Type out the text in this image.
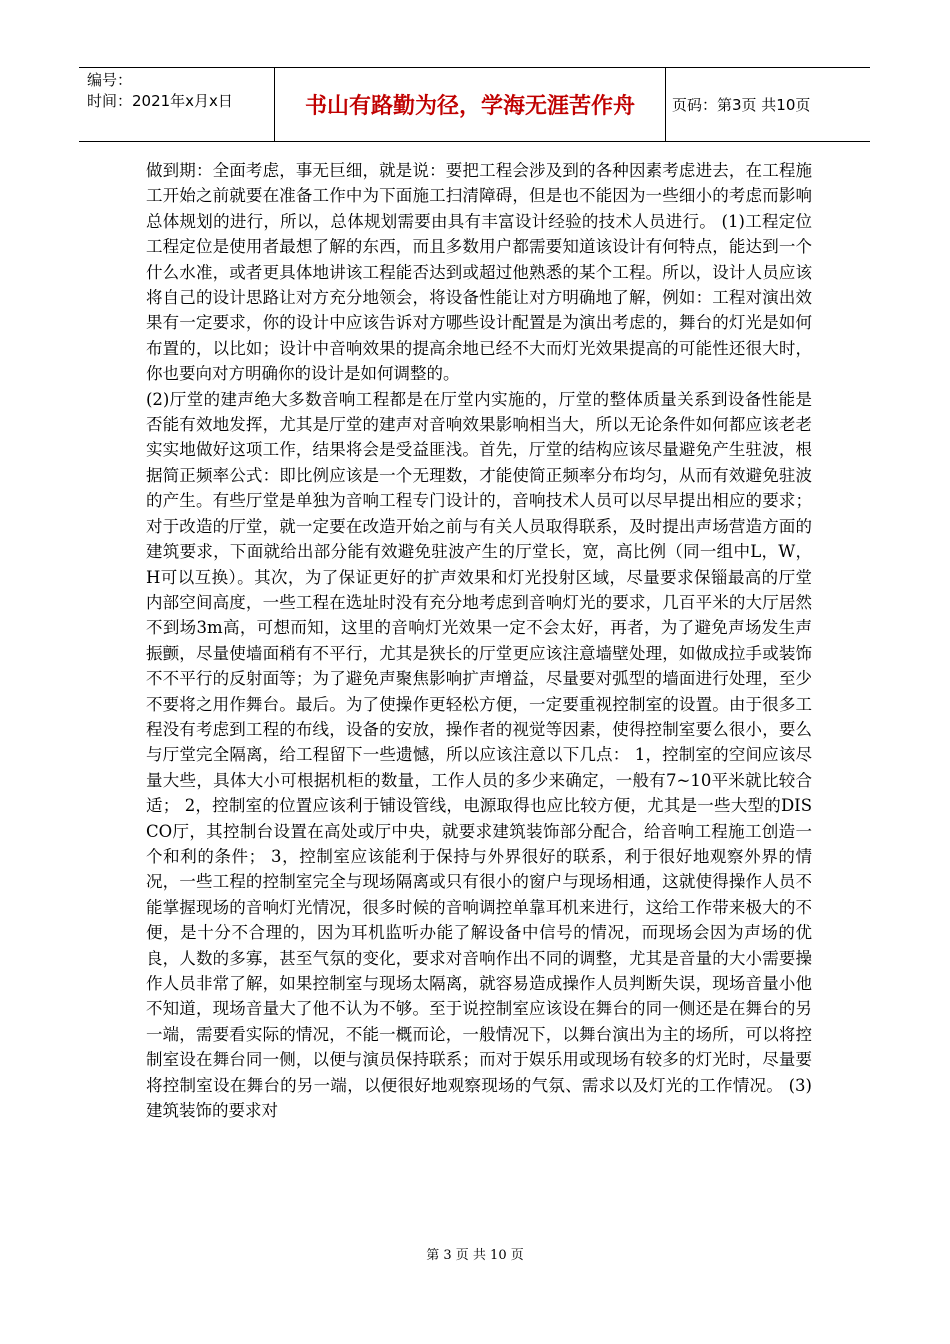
编号：
时间：2021年x月x日	书山有路勤为径，学海无涯苦作舟	页码：第3页 共10页

做到期：全面考虑，事无巨细，就是说：要把工程会涉及到的各种因素考虑进去，在工程施工开始之前就要在准备工作中为下面施工扫清障碍，但是也不能因为一些细小的考虑而影响总体规划的进行，所以，总体规划需要由具有丰富设计经验的技术人员进行。 (1)工程定位工程定位是使用者最想了解的东西，而且多数用户都需要知道该设计有何特点，能达到一个什么水准，或者更具体地讲该工程能否达到或超过他熟悉的某个工程。所以，设计人员应该将自己的设计思路让对方充分地领会，将设备性能让对方明确地了解，例如：工程对演出效果有一定要求，你的设计中应该告诉对方哪些设计配置是为演出考虑的，舞台的灯光是如何布置的，以比如；设计中音响效果的提高余地已经不大而灯光效果提高的可能性还很大时，你也要向对方明确你的设计是如何调整的。

(2)厅堂的建声绝大多数音响工程都是在厅堂内实施的，厅堂的整体质量关系到设备性能是否能有效地发挥，尤其是厅堂的建声对音响效果影响相当大，所以无论条件如何都应该老老实实地做好这项工作，结果将会是受益匪浅。首先，厅堂的结构应该尽量避免产生驻波，根据简正频率公式：即比例应该是一个无理数，才能使简正频率分布均匀，从而有效避免驻波的产生。有些厅堂是单独为音响工程专门设计的，音响技术人员可以尽早提出相应的要求；对于改造的厅堂，就一定要在改造开始之前与有关人员取得联系，及时提出声场营造方面的建筑要求，下面就给出部分能有效避免驻波产生的厅堂长，宽，高比例（同一组中L，W，H可以互换）。其次，为了保证更好的扩声效果和灯光投射区域，尽量要求保锱最高的厅堂内部空间高度，一些工程在选址时没有充分地考虑到音响灯光的要求，几百平米的大厅居然不到场3m高，可想而知，这里的音响灯光效果一定不会太好，再者，为了避免声场发生声振颤，尽量使墙面稍有不平行，尤其是狭长的厅堂更应该注意墙壁处理，如做成拉手或装饰不不平行的反射面等；为了避免声聚焦影响扩声增益，尽量要对弧型的墙面进行处理，至少不要将之用作舞台。最后。为了使操作更轻松方便，一定要重视控制室的设置。由于很多工程没有考虑到工程的布线，设备的安放，操作者的视觉等因素，使得控制室要么很小，要么与厅堂完全隔离，给工程留下一些遗憾，所以应该注意以下几点： 1，控制室的空间应该尽量大些，具体大小可根据机柜的数量，工作人员的多少来确定，一般有7~10平米就比较合适； 2，控制室的位置应该利于铺设管线，电源取得也应比较方便，尤其是一些大型的DISCO厅，其控制台设置在高处或厅中央，就要求建筑装饰部分配合，给音响工程施工创造一个和利的条件； 3，控制室应该能利于保持与外界很好的联系，利于很好地观察外界的情况，一些工程的控制室完全与现场隔离或只有很小的窗户与现场相通，这就使得操作人员不能掌握现场的音响灯光情况，很多时候的音响调控单靠耳机来进行，这给工作带来极大的不便，是十分不合理的，因为耳机监听办能了解设备中信号的情况，而现场会因为声场的优良，人数的多寡，甚至气氛的变化，要求对音响作出不同的调整，尤其是音量的大小需要操作人员非常了解，如果控制室与现场太隔离，就容易造成操作人员判断失误，现场音量小他不知道，现场音量大了他不认为不够。至于说控制室应该设在舞台的同一侧还是在舞台的另一端，需要看实际的情况，不能一概而论，一般情况下，以舞台演出为主的场所，可以将控制室设在舞台同一侧，以便与演员保持联系；而对于娱乐用或现场有较多的灯光时，尽量要将控制室设在舞台的另一端，以便很好地观察现场的气氛、需求以及灯光的工作情况。 (3)建筑装饰的要求对

第 3 页 共 10 页
